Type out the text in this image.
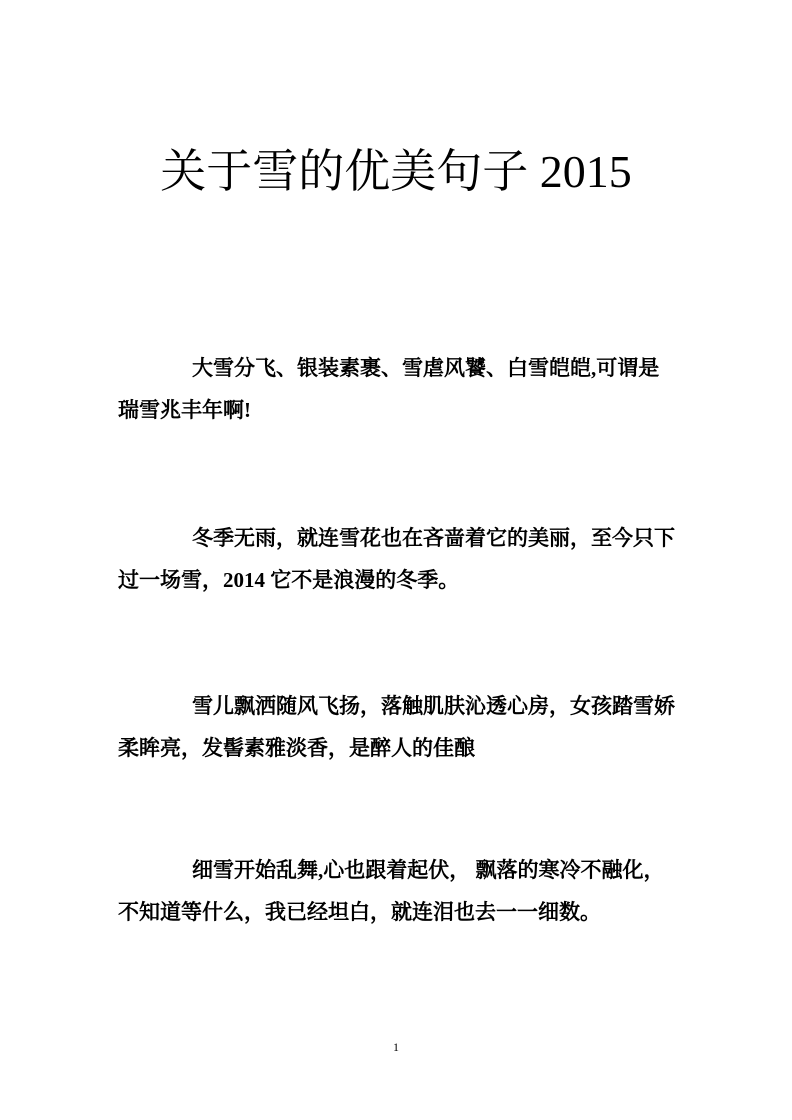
关于雪的优美句子 2015
大雪分飞、银装素裹、雪虐风饕、白雪皑皑,可谓是
瑞雪兆丰年啊!
冬季无雨，就连雪花也在吝啬着它的美丽，至今只下
过一场雪，2014 它不是浪漫的冬季。
雪儿飘洒随风飞扬，落触肌肤沁透心房，女孩踏雪娇
柔眸亮，发髻素雅淡香，是醉人的佳酿
细雪开始乱舞,心也跟着起伏， 飘落的寒冷不融化，
不知道等什么，我已经坦白，就连泪也去一一细数。
1
